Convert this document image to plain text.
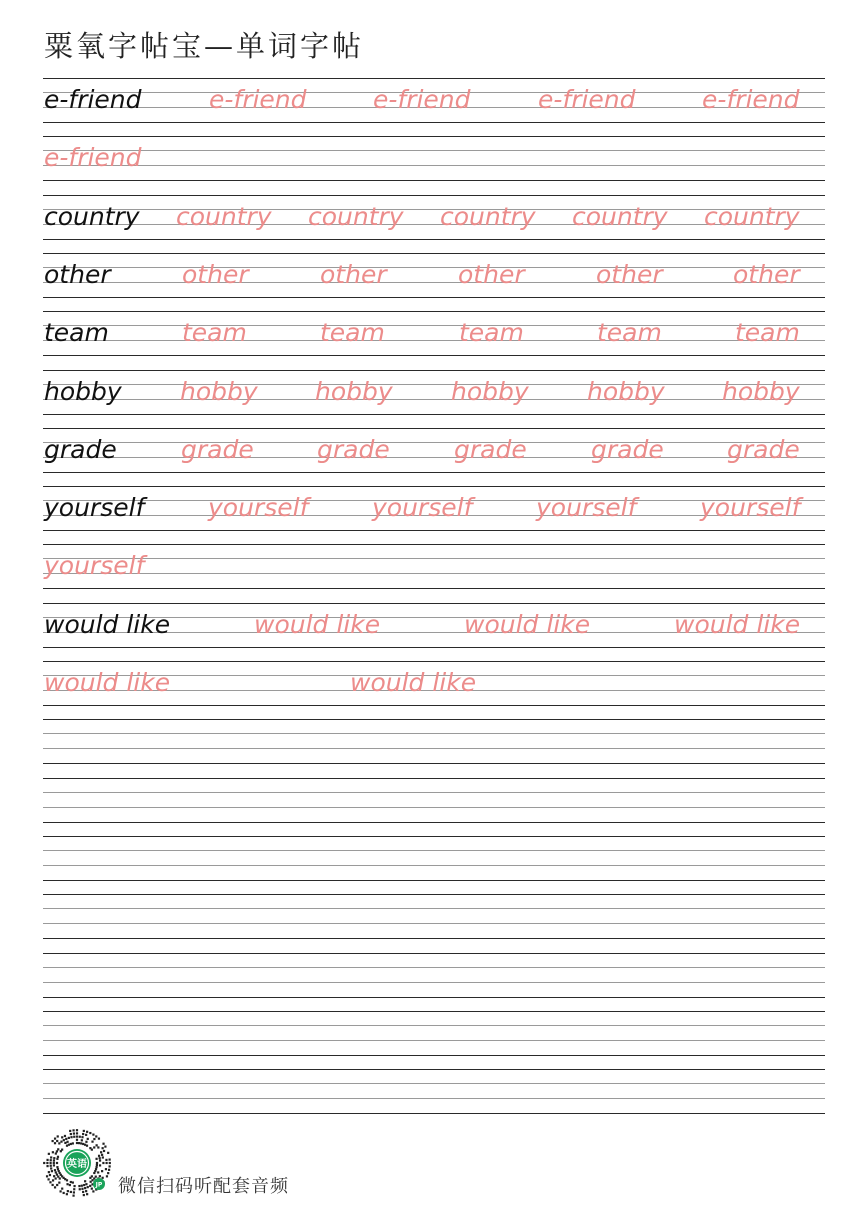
粟氧字帖宝—单词字帖
e-friend	e-friend	e-friend	e-friend	e-friend
e-friend
country country country country country country
other	other	other	other	other	other
team	team	team	team	team	team
hobby hobby hobby hobby hobby hobby
grade	grade	grade	grade	grade	grade
yourself	yourself	yourself	yourself	yourself
yourself
would like	would like	would like	would like
would like	would like
英语
JP 微信扫码听配套音频
